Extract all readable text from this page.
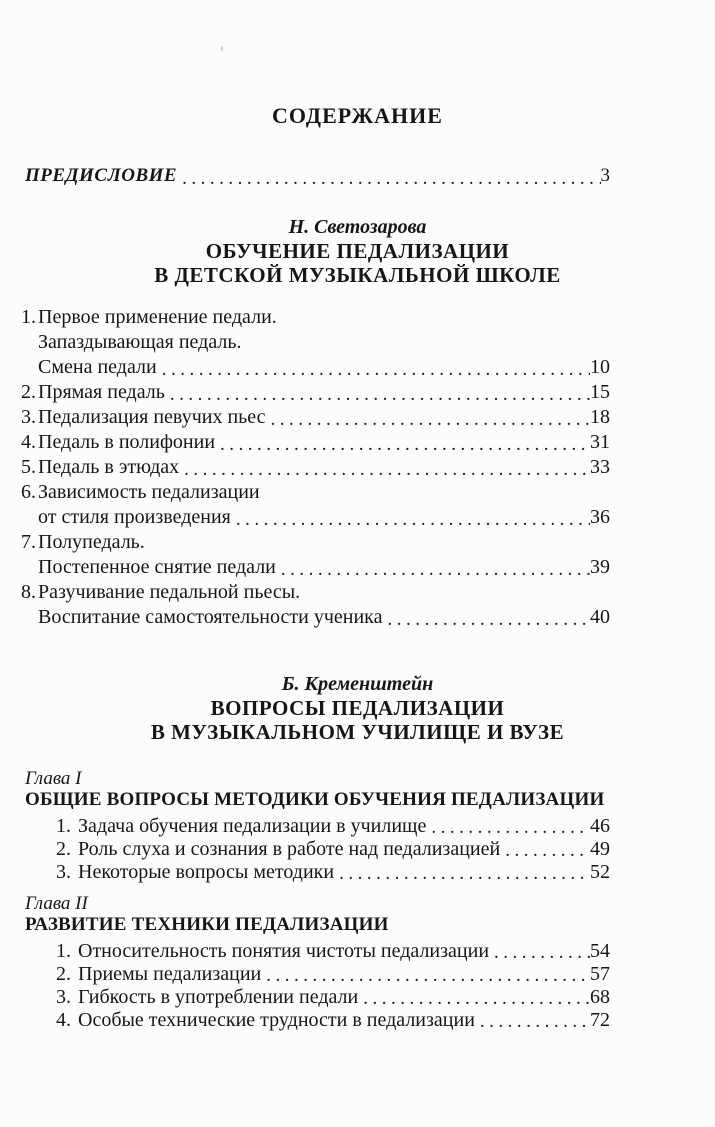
СОДЕРЖАНИЕ
ПРЕДИСЛОВИЕ .....	3
Н. Светозарова
ОБУЧЕНИЕ ПЕДАЛИЗАЦИИ
В ДЕТСКОЙ МУЗЫКАЛЬНОЙ ШКОЛЕ
1. Первое применение педали.
Запаздывающая педаль.
Смена педали .....	10
2. Прямая педаль .....	15
3. Педализация певучих пьес .....	18
4. Педаль в полифонии .....	31
5. Педаль в этюдах .....	33
6. Зависимость педализации
от стиля произведения .....	36
7. Полупедаль.
Постепенное снятие педали .....	39
8. Разучивание педальной пьесы.
Воспитание самостоятельности ученика .....	40
Б. Кременштейн
ВОПРОСЫ ПЕДАЛИЗАЦИИ
В МУЗЫКАЛЬНОМ УЧИЛИЩЕ И ВУЗЕ
Глава I
ОБЩИЕ ВОПРОСЫ МЕТОДИКИ ОБУЧЕНИЯ ПЕДАЛИЗАЦИИ
1. Задача обучения педализации в училище .....	46
2. Роль слуха и сознания в работе над педализацией .....	49
3. Некоторые вопросы методики .....	52
Глава II
РАЗВИТИЕ ТЕХНИКИ ПЕДАЛИЗАЦИИ
1. Относительность понятия чистоты педализации .....	54
2. Приемы педализации .....	57
3. Гибкость в употреблении педали .....	68
4. Особые технические трудности в педализации .....	72
